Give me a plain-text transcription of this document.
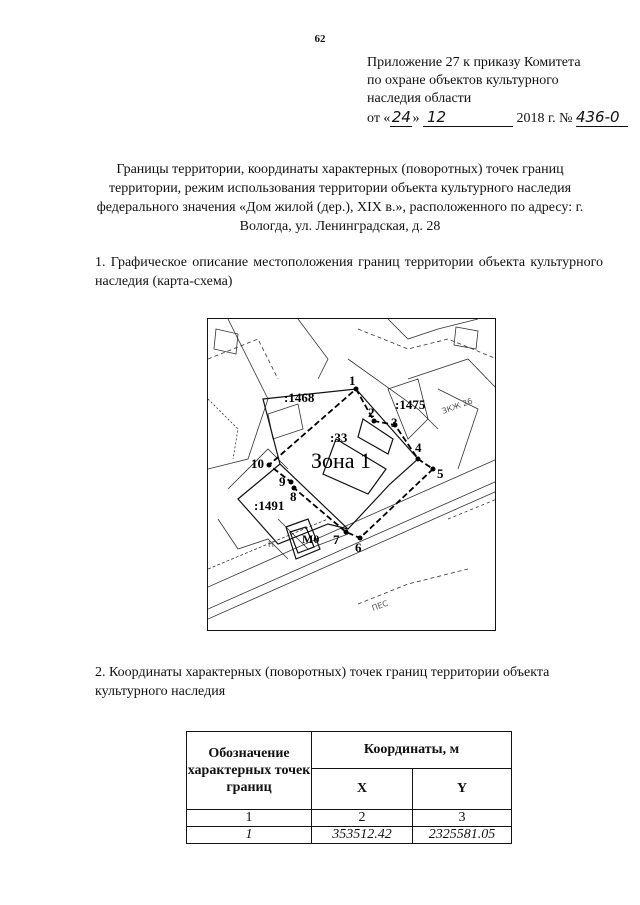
62
Приложение 27 к приказу Комитета
по охране объектов культурного
наследия области
от «24» 12	2018 г. № 436-0
Границы территории, координаты характерных (поворотных) точек границ территории, режим использования территории объекта культурного наследия федерального значения «Дом жилой (дер.), XIX в.», расположенного по адресу: г. Вологда, ул. Ленинградская, д. 28
1. Графическое описание местоположения границ территории объекта культурного наследия (карта-схема)
1
2
3
4
5
6
7
8
9
10
:1468	:1475
:33
:1491
М0
Зона 1
ЗКЖ 26
ПЕС
Н
2. Координаты характерных (поворотных) точек границ территории объекта культурного наследия
Обозначение характерных точек границ	Координаты, м	
	X	Y
1	2	3
1	353512.42	2325581.05
